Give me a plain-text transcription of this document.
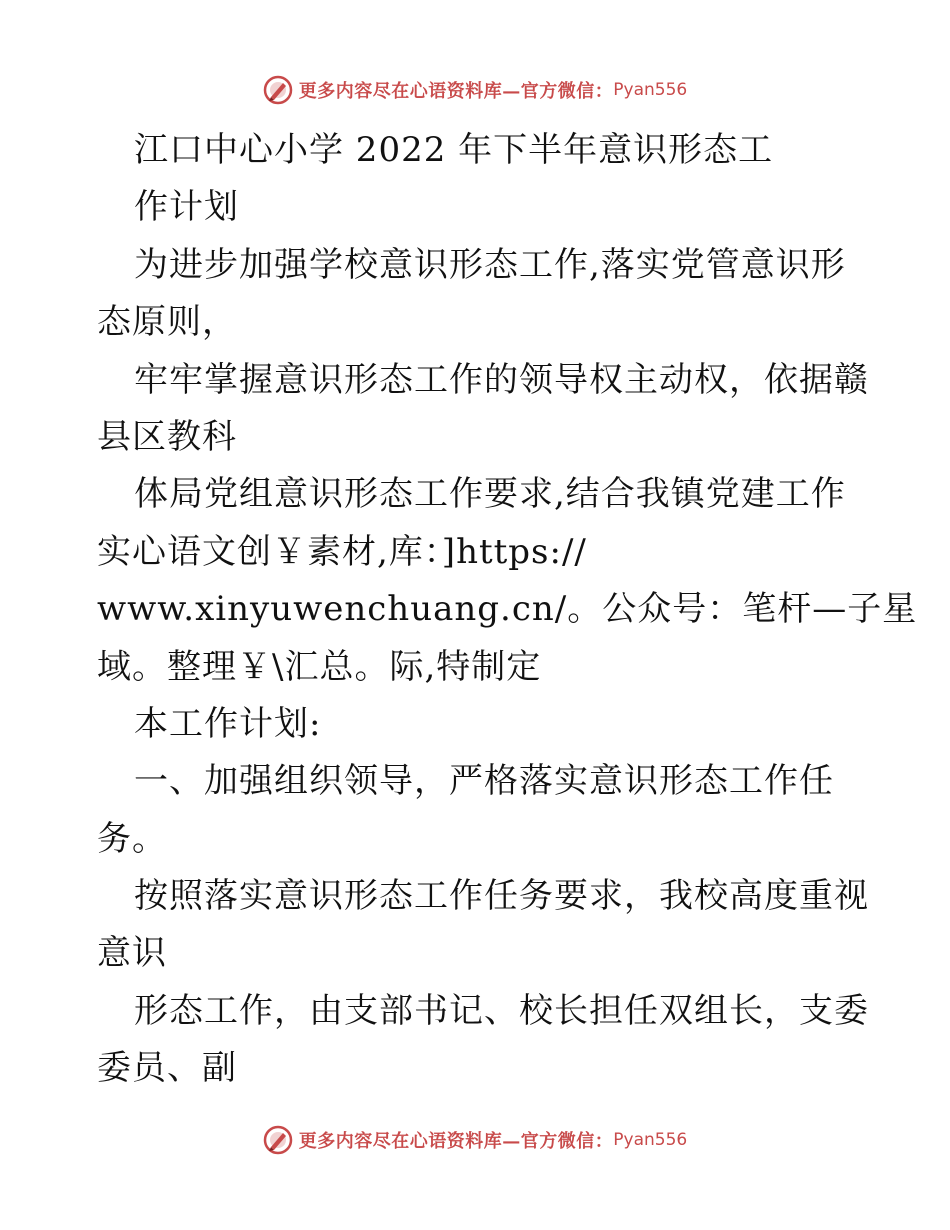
更多内容尽在心语资料库—官方微信： Pyan556
江口中心小学 2022 年下半年意识形态工
作计划
为进步加强学校意识形态工作,落实党管意识形
态原则，
牢牢掌握意识形态工作的领导权主动权，依据赣
县区教科
体局党组意识形态工作要求,结合我镇党建工作
实心语文创￥素材,库：]https://
www.xinyuwenchuang.cn/。公众号：笔杆—子星
域。整理￥\汇总。际,特制定
本工作计划:
一、加强组织领导，严格落实意识形态工作任
务。
按照落实意识形态工作任务要求，我校高度重视
意识
形态工作，由支部书记、校长担任双组长，支委
委员、副
更多内容尽在心语资料库—官方微信： Pyan556
